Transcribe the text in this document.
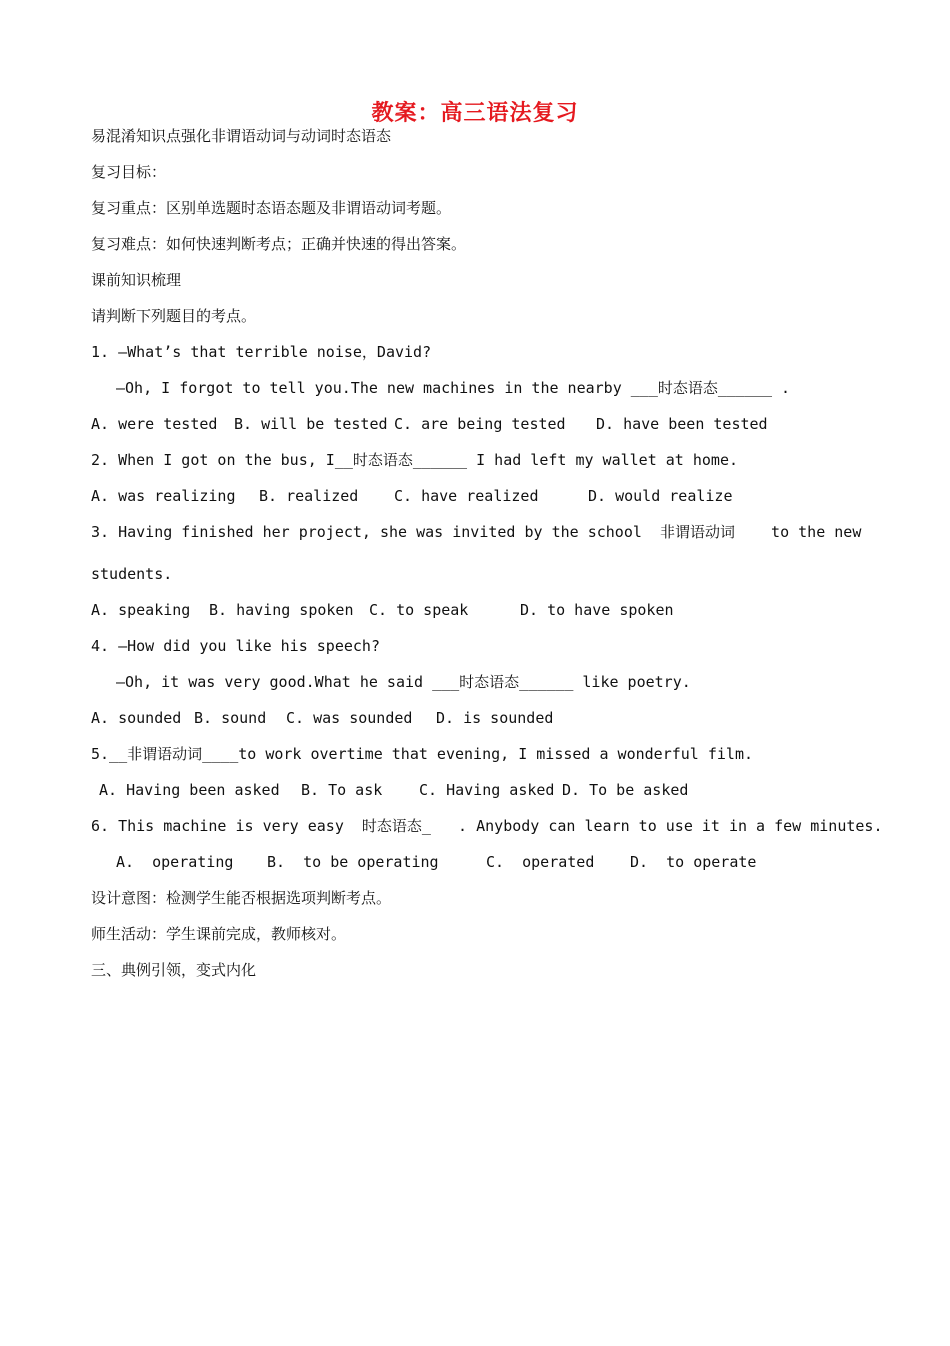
教案：高三语法复习
易混淆知识点强化非谓语动词与动词时态语态
复习目标：
复习重点：区别单选题时态语态题及非谓语动词考题。
复习难点：如何快速判断考点；正确并快速的得出答案。
课前知识梳理
请判断下列题目的考点。
1. —What’s that terrible noise，David?
—Oh, I forgot to tell you.The new machines in the nearby ___时态语态______ .
A. were tested B. will be tested C. are being tested D. have been tested
2. When I got on the bus, I__时态语态______ I had left my wallet at home.
A. was realizing B. realized C. have realized	D. would realize
3. Having finished her project, she was invited by the school  非谓语动词    to the new
students.
A. speaking B. having spoken C. to speak	D. to have spoken
4. —How did you like his speech?
—Oh, it was very good.What he said ___时态语态______ like poetry.
A. sounded B. sound C. was sounded D. is sounded
5.__非谓语动词____to work overtime that evening, I missed a wonderful film.
A. Having been asked B. To ask C. Having asked D. To be asked
6. This machine is very easy  时态语态_   . Anybody can learn to use it in a few minutes.
A.  operating B.  to be operating	C.  operated D.  to operate
设计意图：检测学生能否根据选项判断考点。
师生活动：学生课前完成，教师核对。
三、典例引领，变式内化
